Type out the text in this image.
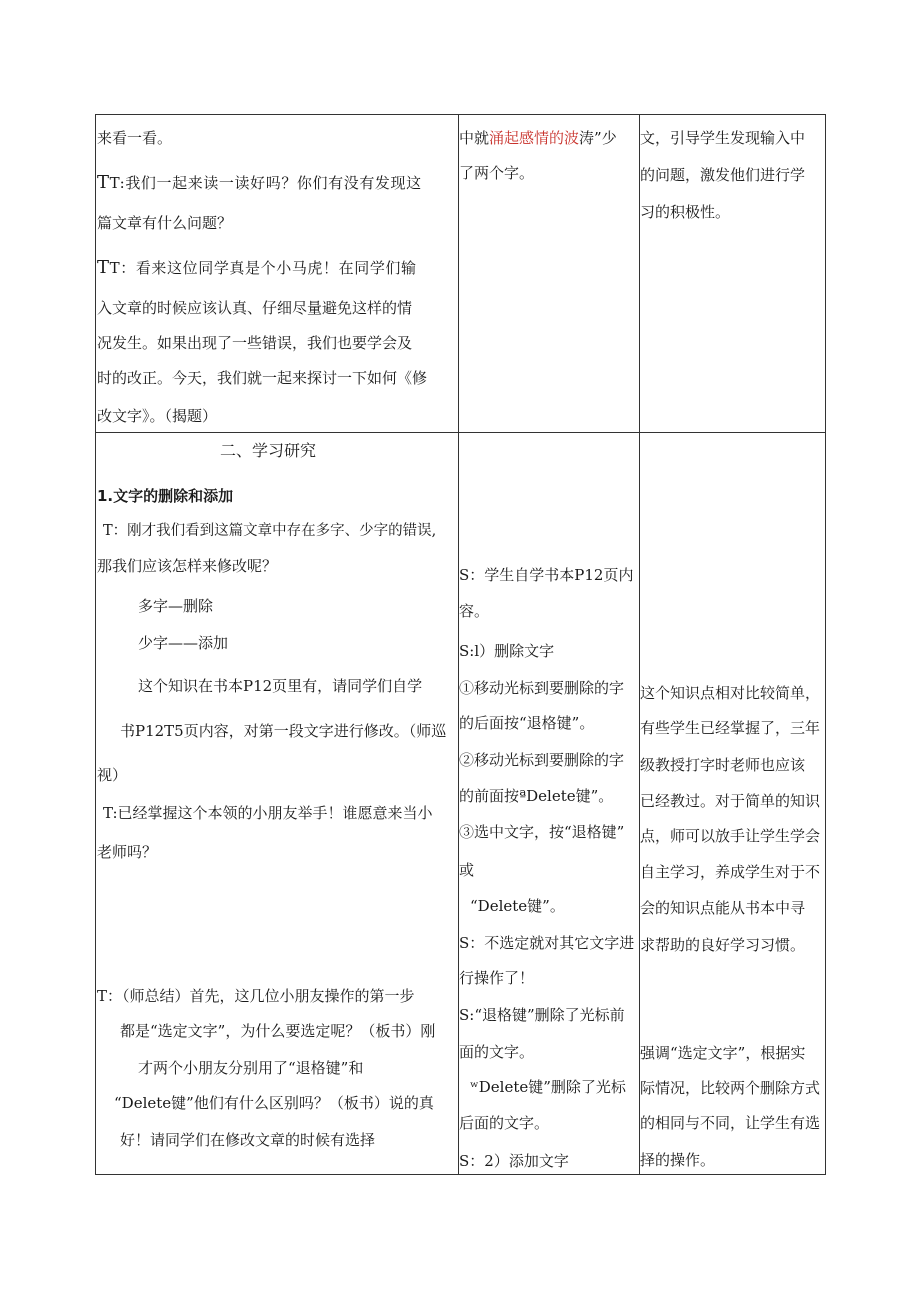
来看一看。
TT:我们一起来读一读好吗？你们有没有发现这
篇文章有什么问题？
TT：看来这位同学真是个小马虎！在同学们输
入文章的时候应该认真、仔细尽量避免这样的情
况发生。如果出现了一些错误，我们也要学会及
时的改正。今天，我们就一起来探讨一下如何《修
改文字》。（揭题）
中就涌起感情的波涛”少
了两个字。
文，引导学生发现输入中
的问题，激发他们进行学
习的积极性。
二、学习研究
1.文字的删除和添加
T：刚才我们看到这篇文章中存在多字、少字的错误,
那我们应该怎样来修改呢？
多字—删除
少字——添加
这个知识在书本P12页里有，请同学们自学
书P12T5页内容，对第一段文字进行修改。（师巡
视）
T:已经掌握这个本领的小朋友举手！谁愿意来当小
老师吗？
T：（师总结）首先，这几位小朋友操作的第一步
都是“选定文字”，为什么要选定呢？（板书）刚
才两个小朋友分别用了“退格键”和
“Delete键”他们有什么区别吗？（板书）说的真
好！请同学们在修改文章的时候有选择
S：学生自学书本P12页内
容。
S:l）删除文字
①移动光标到要删除的字
的后面按“退格键”。
②移动光标到要删除的字
的前面按ªDelete键”。
③选中文字，按“退格键”
或
“Delete键”。
S：不选定就对其它文字进
行操作了！
S:“退格键”删除了光标前
面的文字。
ʷDelete键”删除了光标
后面的文字。
S：2）添加文字
这个知识点相对比较简单，
有些学生已经掌握了，三年
级教授打字时老师也应该
已经教过。对于简单的知识
点，师可以放手让学生学会
自主学习，养成学生对于不
会的知识点能从书本中寻
求帮助的良好学习习惯。
强调“选定文字”，根据实
际情况，比较两个删除方式
的相同与不同，让学生有选
择的操作。
